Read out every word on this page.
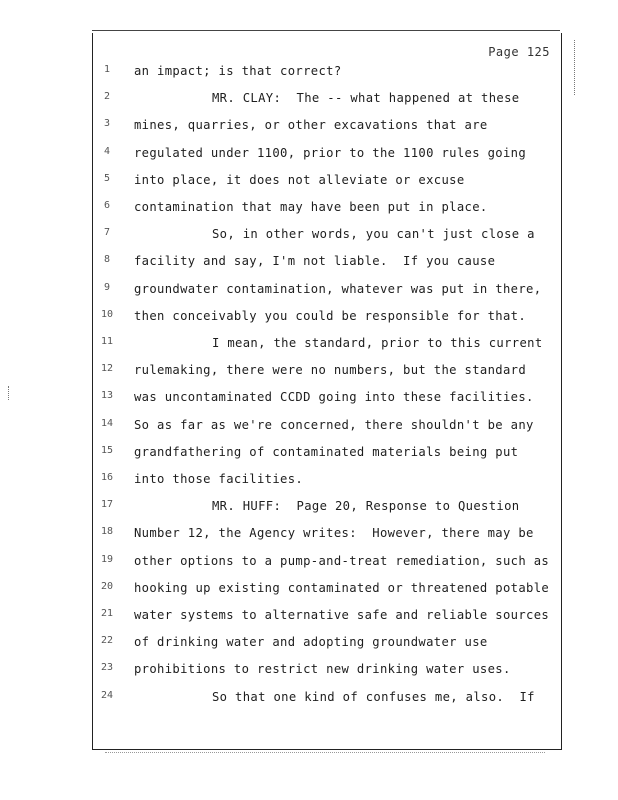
Page 125
1	an impact; is that correct?
2	MR. CLAY:  The -- what happened at these
3	mines, quarries, or other excavations that are
4	regulated under 1100, prior to the 1100 rules going
5	into place, it does not alleviate or excuse
6	contamination that may have been put in place.
7	So, in other words, you can't just close a
8	facility and say, I'm not liable.  If you cause
9	groundwater contamination, whatever was put in there,
10	then conceivably you could be responsible for that.
11	I mean, the standard, prior to this current
12	rulemaking, there were no numbers, but the standard
13	was uncontaminated CCDD going into these facilities.
14	So as far as we're concerned, there shouldn't be any
15	grandfathering of contaminated materials being put
16	into those facilities.
17	MR. HUFF:  Page 20, Response to Question
18	Number 12, the Agency writes:  However, there may be
19	other options to a pump-and-treat remediation, such as
20	hooking up existing contaminated or threatened potable
21	water systems to alternative safe and reliable sources
22	of drinking water and adopting groundwater use
23	prohibitions to restrict new drinking water uses.
24	So that one kind of confuses me, also.  If
